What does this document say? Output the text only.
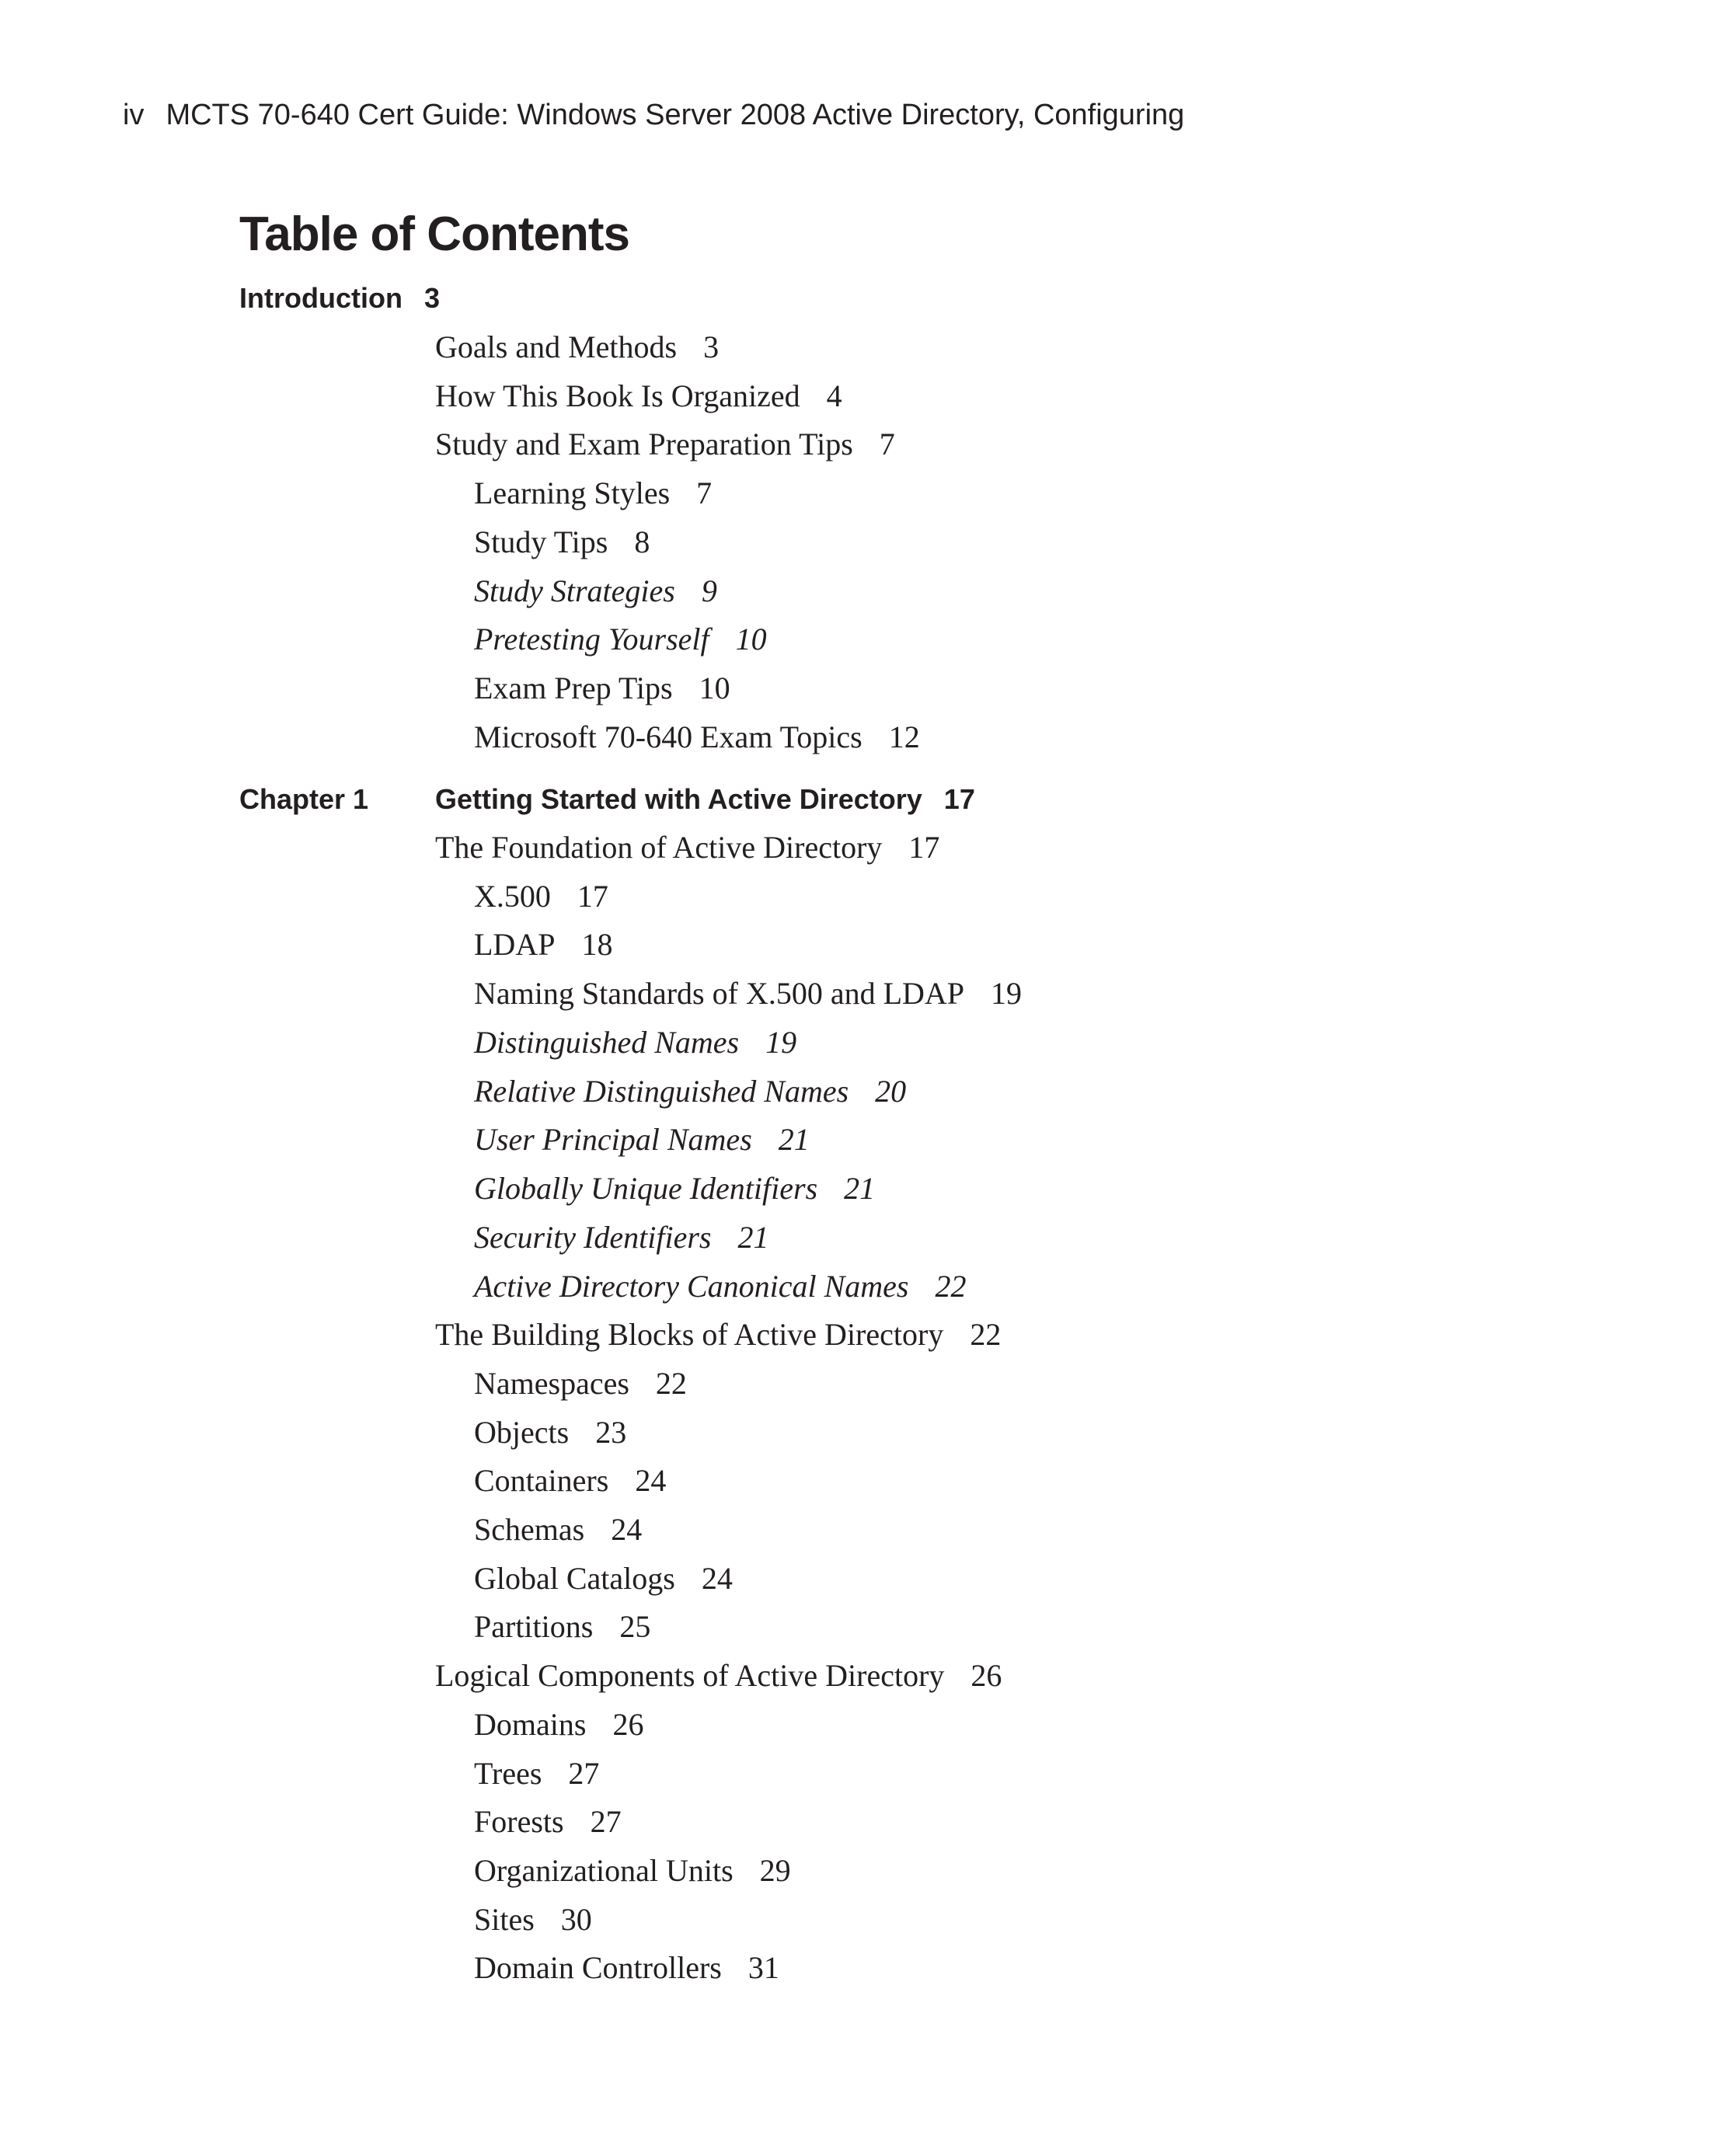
iv MCTS 70-640 Cert Guide: Windows Server 2008 Active Directory, Configuring
Table of Contents
Introduction 3
Goals and Methods 3
How This Book Is Organized 4
Study and Exam Preparation Tips 7
Learning Styles 7
Study Tips 8
Study Strategies 9
Pretesting Yourself 10
Exam Prep Tips 10
Microsoft 70-640 Exam Topics 12
Chapter 1 Getting Started with Active Directory 17
The Foundation of Active Directory 17
X.500 17
LDAP 18
Naming Standards of X.500 and LDAP 19
Distinguished Names 19
Relative Distinguished Names 20
User Principal Names 21
Globally Unique Identifiers 21
Security Identifiers 21
Active Directory Canonical Names 22
The Building Blocks of Active Directory 22
Namespaces 22
Objects 23
Containers 24
Schemas 24
Global Catalogs 24
Partitions 25
Logical Components of Active Directory 26
Domains 26
Trees 27
Forests 27
Organizational Units 29
Sites 30
Domain Controllers 31
